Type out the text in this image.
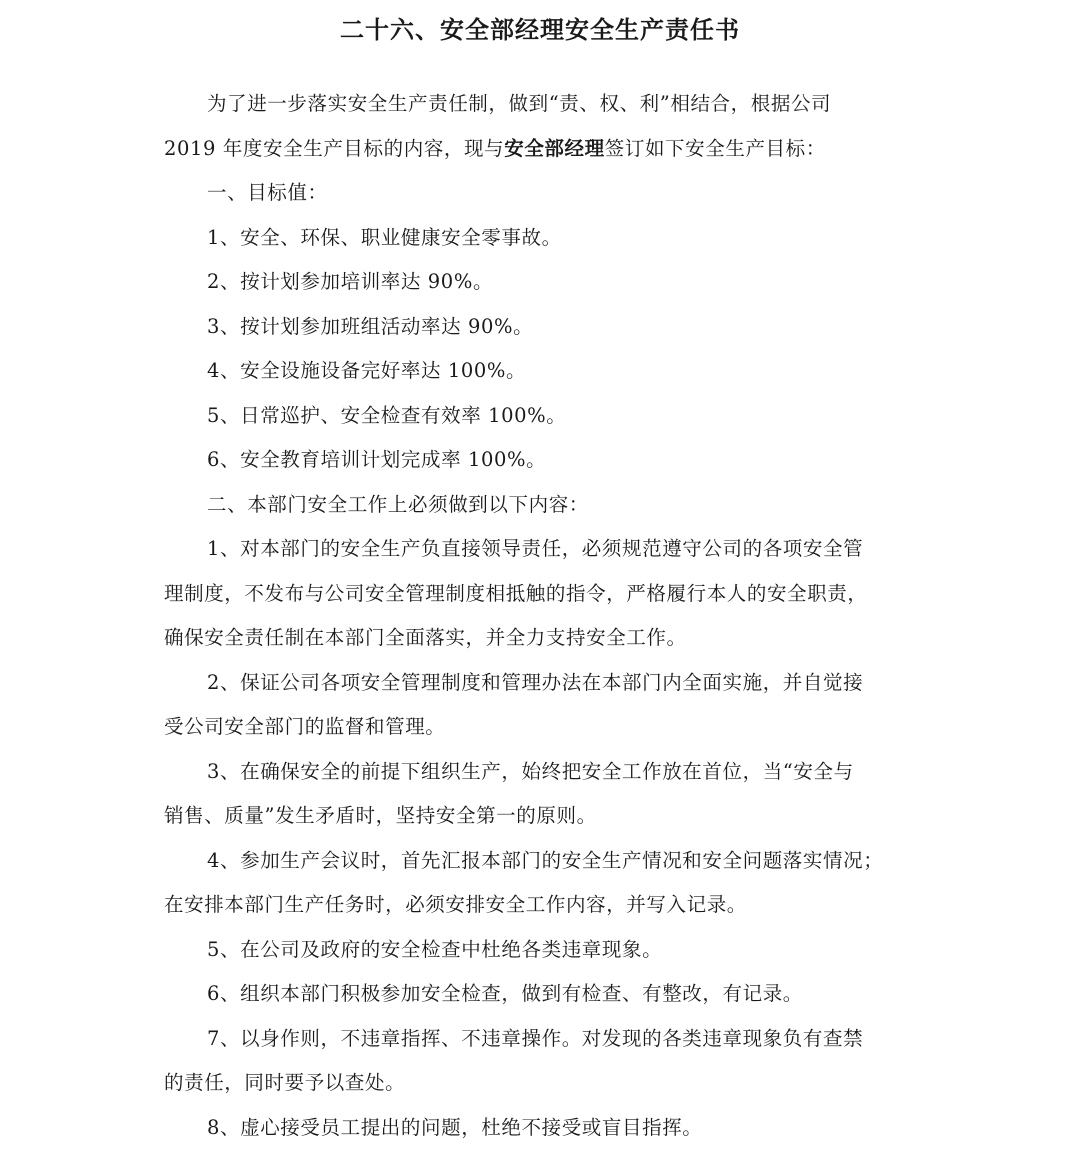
二十六、安全部经理安全生产责任书
为了进一步落实安全生产责任制，做到“责、权、利”相结合，根据公司
2019 年度安全生产目标的内容，现与安全部经理签订如下安全生产目标：
一、目标值：
1、安全、环保、职业健康安全零事故。
2、按计划参加培训率达 90%。
3、按计划参加班组活动率达 90%。
4、安全设施设备完好率达 100%。
5、日常巡护、安全检查有效率 100%。
6、安全教育培训计划完成率 100%。
二、本部门安全工作上必须做到以下内容：
1、对本部门的安全生产负直接领导责任，必须规范遵守公司的各项安全管
理制度，不发布与公司安全管理制度相抵触的指令，严格履行本人的安全职责，
确保安全责任制在本部门全面落实，并全力支持安全工作。
2、保证公司各项安全管理制度和管理办法在本部门内全面实施，并自觉接
受公司安全部门的监督和管理。
3、在确保安全的前提下组织生产，始终把安全工作放在首位，当“安全与
销售、质量”发生矛盾时，坚持安全第一的原则。
4、参加生产会议时，首先汇报本部门的安全生产情况和安全问题落实情况；
在安排本部门生产任务时，必须安排安全工作内容，并写入记录。
5、在公司及政府的安全检查中杜绝各类违章现象。
6、组织本部门积极参加安全检查，做到有检查、有整改，有记录。
7、以身作则，不违章指挥、不违章操作。对发现的各类违章现象负有查禁
的责任，同时要予以查处。
8、虚心接受员工提出的问题，杜绝不接受或盲目指挥。
